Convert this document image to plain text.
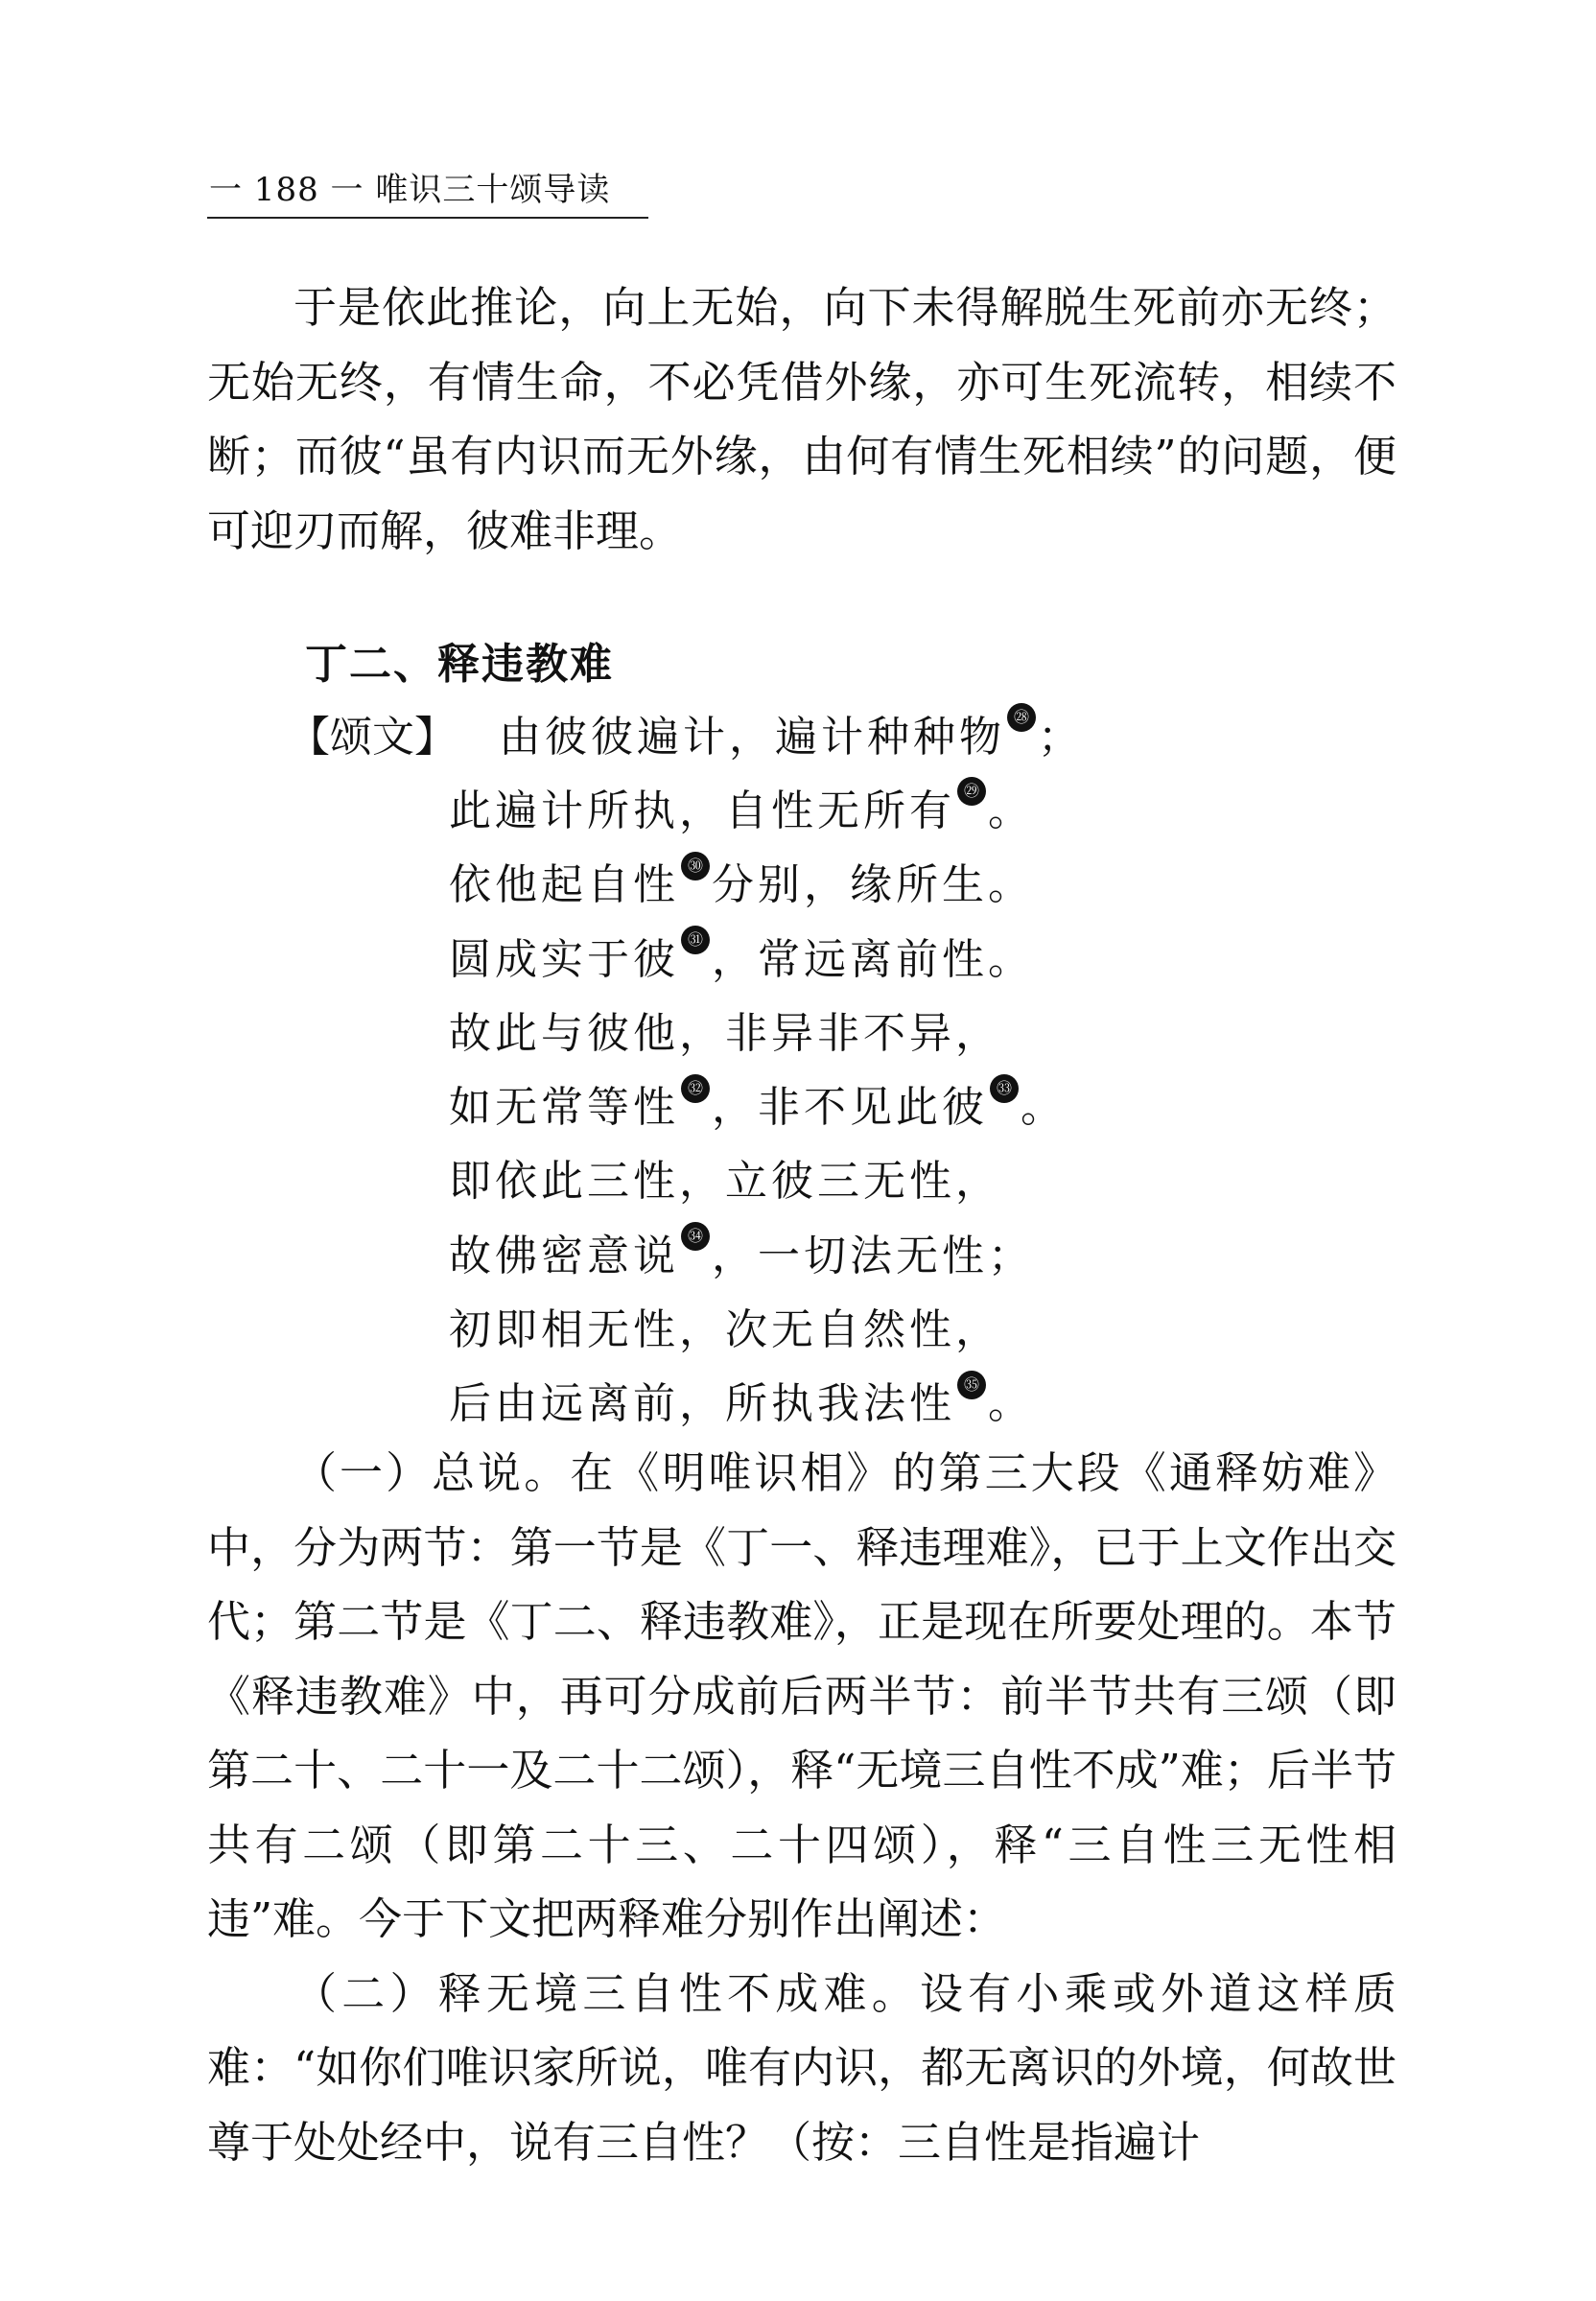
一 188 一 唯识三十颂导读

于是依此推论，向上无始，向下未得解脱生死前亦无终；无始无终，有情生命，不必凭借外缘，亦可生死流转，相续不断；而彼“虽有内识而无外缘，由何有情生死相续”的问题，便可迎刃而解，彼难非理。

丁二、释违教难
【颂文】 由彼彼遍计，遍计种种物 ㉘ ；
此遍计所执，自性无所有 ㉙ 。
依他起自性 ㉚ 分别，缘所生。
圆成实于彼 ㉛ ，常远离前性。
故此与彼他，非异非不异，
如无常等性 ㉜ ，非不见此彼 ㉝ 。
即依此三性，立彼三无性，
故佛密意说 ㉞ ，一切法无性；
初即相无性，次无自然性，
后由远离前，所执我法性 ㉟ 。

（一）总说。在《明唯识相》的第三大段《通释妨难》中，分为两节：第一节是《丁一、释违理难》，已于上文作出交代；第二节是《丁二、释违教难》，正是现在所要处理的。本节《释违教难》中，再可分成前后两半节：前半节共有三颂（即第二十、二十一及二十二颂），释“无境三自性不成”难；后半节共有二颂（即第二十三、二十四颂），释“三自性三无性相违”难。今于下文把两释难分别作出阐述：

（二）释无境三自性不成难。设有小乘或外道这样质难：“如你们唯识家所说，唯有内识，都无离识的外境，何故世尊于处处经中，说有三自性？（按：三自性是指遍计
